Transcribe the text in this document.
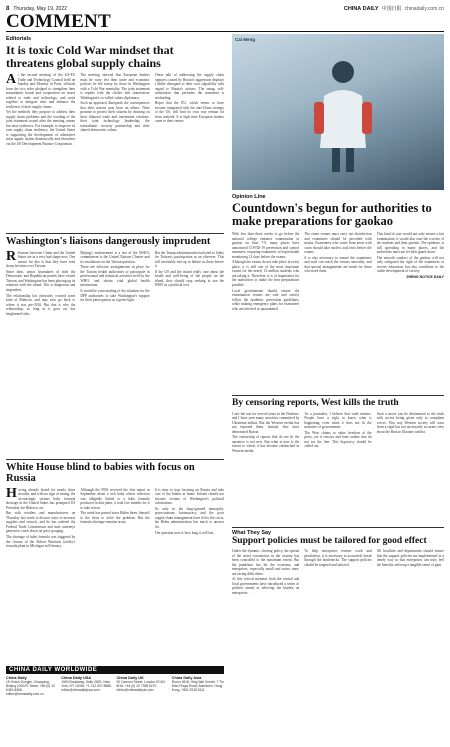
8 Thursday, May 19, 2022	CHINA DAILY 中国日报 chinadaily.com.cn
COMMENT
Editorials
It is toxic Cold War mindset that threatens global supply chains

At the second meeting of the US-EU Trade and Technology Council held on Sunday and Monday in Paris, officials from the two sides pledged to strengthen their transatlantic bonds and cooperation on issues related to trade and technology, and work together to mitigate risks and enhance the resilience of their supply chains.

Yet the methods they propose to address their supply chain problems and the wording of the joint statement issued after the meeting cannot but raise eyebrows. For example, to improve its own supply chain resiliency, the United States is supporting the development of alternative solar supply chains domestically and elsewhere via the US Development Finance Corporation.

The meeting showed that European leaders must be wary lest their trade and economic policies be led astray by those in Washington with a Cold War mentality. The joint statement is replete with the cliches that characterize Washington's so-called values diplomacy.

Such an approach disregards the consequences that their actions may have on others. Their promise to protect their citizens by drawing on their bilateral trade and investment relations, their joint technology leadership, the transatlantic security partnership and their shared democratic values.

These talk of addressing the supply chain ruptures caused by Russia's aggression displays a blithe disregard of their own culpability with regard to Russia's actions. The smug, self-satisfaction that pervades the statement is misleading.

Hopes that the EU, which seems to have become integrated with the anti-China strategy of the US, will find its own way remain far from realized. It is high time European leaders came to their senses.

Washington's liaisons dangerously imprudent

Relations between China and the United States are in a very bad shape now. One reason for this is that they have seen sharp frictions over Taiwan.

Since then, senior lawmakers of both the Democratic and Republican parties have visited Taiwan, and Washington has been playing up its relations with the island. This is dangerous and imprudent.

The relationship has obviously crossed some kind of Rubicon, and may now go back to where it was pre-2016. But that is why the relationship, as long as it goes on, has heightened risks.

Beijing's endorsement is a test of the WHO's commitment to the United Nations Charter and its resolutions on the Taiwan question.

There are effective arrangements in place for the Taiwan health authorities to participate in professional and technical activities held by the WHO, and obtain vital global health information.

It would be a misreading of the situation for the DPP authorities to take Washington's support for their participation as a green light.

But the Trump administration had tried to lobby for Taiwan's participation as an observer. This will inevitably end up in failure as those before it.

If the US and the island really care about the health and well-being of the people on the island, they should stop seeking to use the WHO as a political tool.

White House blind to babies with focus on Russia

Having already lasted for nearly three months, and with no sign of easing, the increasingly serious baby formula shortage in the United States has prompted US President Joe Biden to act.

But with retailers and manufacturers on Thursday last week to discuss ways to increase supplies and restock, and he has ordered the Federal Trade Commission and state attorneys general to crack down on price gouging.

The shortage of baby formula was triggered by the closure of the Abbott Nutrition facility's formula plant in Michigan in February.

Although the FDA received the first report in September about a sick baby whose infection was allegedly linked to a baby formula produced in that plant, it took five months for it to take action.

The week has passed since Biden threw himself to the front to solve the problem. But the formula shortage remains acute.

It is time to stop focusing on Russia and take care of the babies at home. Infants should not become victims of Washington's political calculations.

As only in the long-ignored monopoly, protectionism, bureaucracy and the poor supply-chain management have led to the crisis, the Biden administration has much to answer for.

The question now is how long it will last.

CHINA DAILY WORLDWIDE
China Daily
15 Huixin Dongjie, Chaoyang, Beijing 100029. News: +86 (0) 10 6491-8366. editor@chinadaily.com.cn
China Daily USA
1500 Broadway, Suite 2800, New York, NY 10036. +1 212 537 8888. editor@chinadailyusa.com
China Daily UK
90 Cannon Street, London EC4N 6HA. +44 (0) 20 7398 8270. editor@chinadailyuk.com
China Daily Asia
Room 1818, Hing Wai Centre, 7 Tin Wan Praya Road, Aberdeen, Hong Kong. +852 2518 5111
Cai Meng
Opinion Line
Countdown's begun for authorities to make preparations for gaokao

With less than three weeks to go before the national college entrance examination or gaokao on June 7-9, many places have announced COVID-19 prevention and control measures, requiring examinees to begin health monitoring 14 days before the exams.

Although the exams do not take place in every place, it is still one of the most important exams for the nearly 12 million students who are taking it. Therefore, it is of importance for the authorities to make the best preparations possible.

Local governments should ensure the examination venues are safe and strictly follow the epidemic prevention guidelines, while making emergency plans for examinees who are infected or quarantined.

The exam venues must carry out disinfection and examinees should be provided with masks. Examinees who come from areas with cases should take nucleic acid tests before the exams.

It is also necessary to ensure the examinees and staff can reach the venues smoothly, and that special arrangements are made for those who need them.

This kind of care would not only ensure a fair examination, it would also ease the worries of the students and their parents. The epidemic is still spreading in many places, and the authorities must not let their guard down.

The smooth conduct of the gaokao will not only safeguard the right of the examinees to receive education, but also contribute to the stable development of society.

ZHENG NOTICE DAILY
By censoring reports, West kills the truth

I saw the war for several years in the Donbass, and I have seen many atrocities committed by Ukrainian militia. But the Western media has not reported them. Instead, they have demonized Russia.

The censorship of reports that do not fit the narrative is not new. But what is new is the extent to which it has become entrenched in Western media.

As a journalist, I believe that truth matters. People have a right to know what is happening, even when it does not fit the narrative of governments.

The West claims to value freedom of the press, yet it censors and bans outlets that do not toe the line. This hypocrisy should be called out.

Such a move can be detrimental to the truth with access being given only to compliant voices. This way Western society will soon form a rigid but not necessarily accurate view about the Russia-Ukraine conflict.

What They Say
Support policies must be tailored for good effect

Under the dynamic clearing policy, the spread of the novel coronavirus in the country has been controlled to the maximum extent. But the pandemic has hit the economy, and enterprises, especially small and micro ones, are facing difficulties.

At this critical moment, both the central and local governments have introduced a series of policies aimed at relieving the burden on enterprises.

To help enterprises resume work and production, it is necessary to accurately break through the bottlenecks. The support policies should be targeted and tailored.

All localities and departments should ensure that the support policies are implemented in a timely way so that enterprises can truly feel the benefits and reap a tangible sense of gain.
